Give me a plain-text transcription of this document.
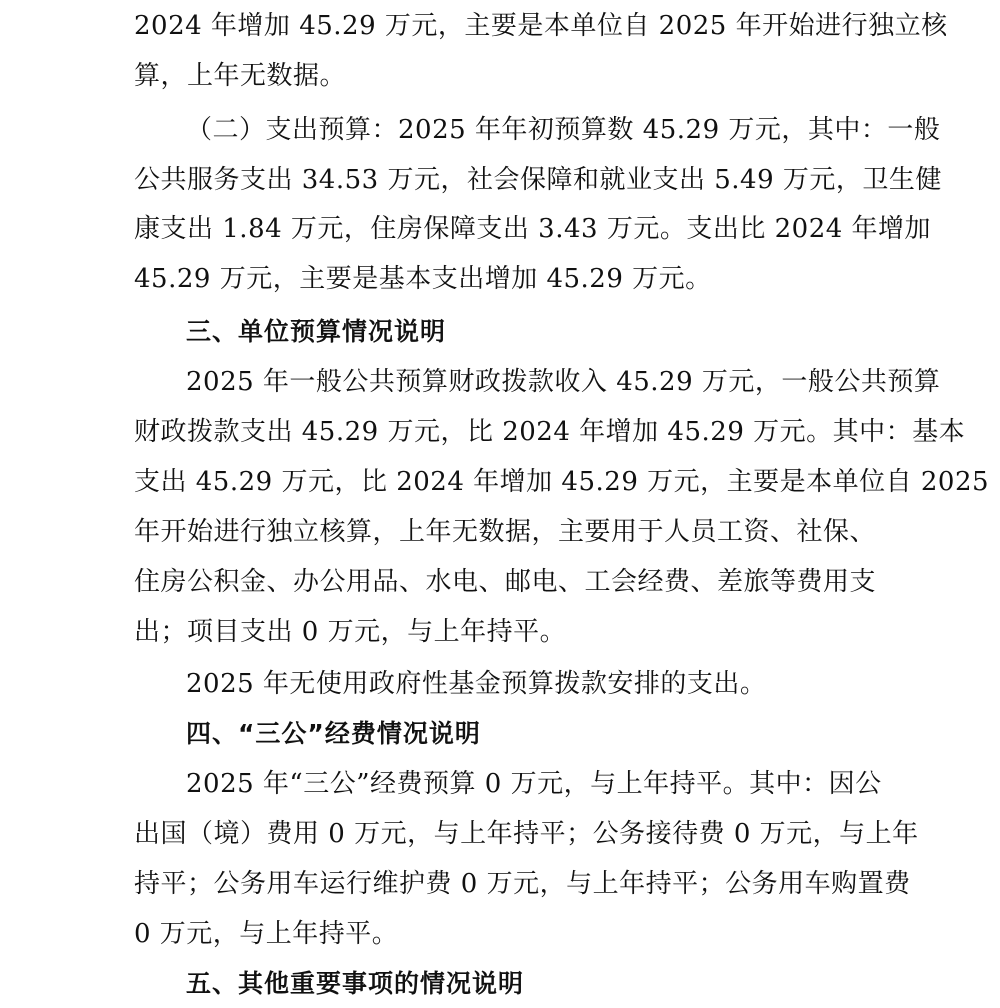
2024 年增加 45.29 万元，主要是本单位自 2025 年开始进行独立核
算，上年无数据。
（二）支出预算：2025 年年初预算数 45.29 万元，其中：一般
公共服务支出 34.53 万元，社会保障和就业支出 5.49 万元，卫生健
康支出 1.84 万元，住房保障支出 3.43 万元。支出比 2024 年增加
45.29 万元，主要是基本支出增加 45.29 万元。
三、单位预算情况说明
2025 年一般公共预算财政拨款收入 45.29 万元，一般公共预算
财政拨款支出 45.29 万元，比 2024 年增加 45.29 万元。其中：基本
支出 45.29 万元，比 2024 年增加 45.29 万元，主要是本单位自 2025
年开始进行独立核算，上年无数据，主要用于人员工资、社保、
住房公积金、办公用品、水电、邮电、工会经费、差旅等费用支
出；项目支出 0 万元，与上年持平。
2025 年无使用政府性基金预算拨款安排的支出。
四、“三公”经费情况说明
2025 年“三公”经费预算 0 万元，与上年持平。其中：因公
出国（境）费用 0 万元，与上年持平；公务接待费 0 万元，与上年
持平；公务用车运行维护费 0 万元，与上年持平；公务用车购置费
0 万元，与上年持平。
五、其他重要事项的情况说明
